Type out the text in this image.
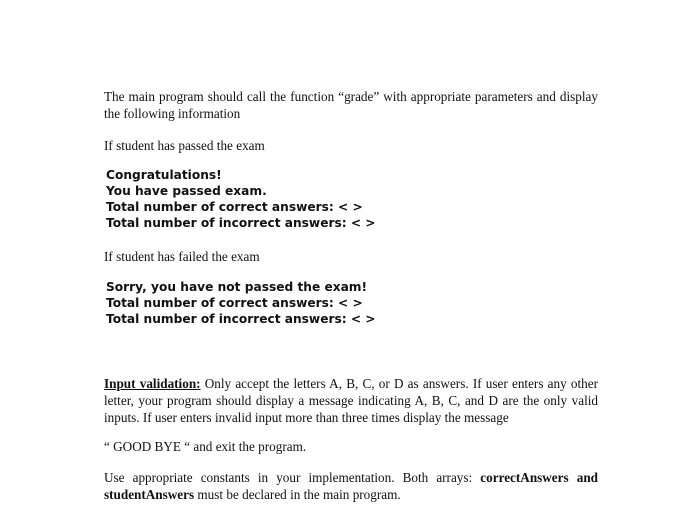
The main program should call the function “grade” with appropriate parameters and display the following information

If student has passed the exam

Congratulations!
You have passed exam.
Total number of correct answers: < >
Total number of incorrect answers: < >

If student has failed the exam

Sorry, you have not passed the exam!
Total number of correct answers: < >
Total number of incorrect answers: < >

Input validation: Only accept the letters A, B, C, or D as answers. If user enters any other letter, your program should display a message indicating A, B, C, and D are the only valid inputs. If user enters invalid input more than three times display the message

“ GOOD BYE “ and exit the program.

Use appropriate constants in your implementation. Both arrays: correctAnswers and studentAnswers must be declared in the main program.
